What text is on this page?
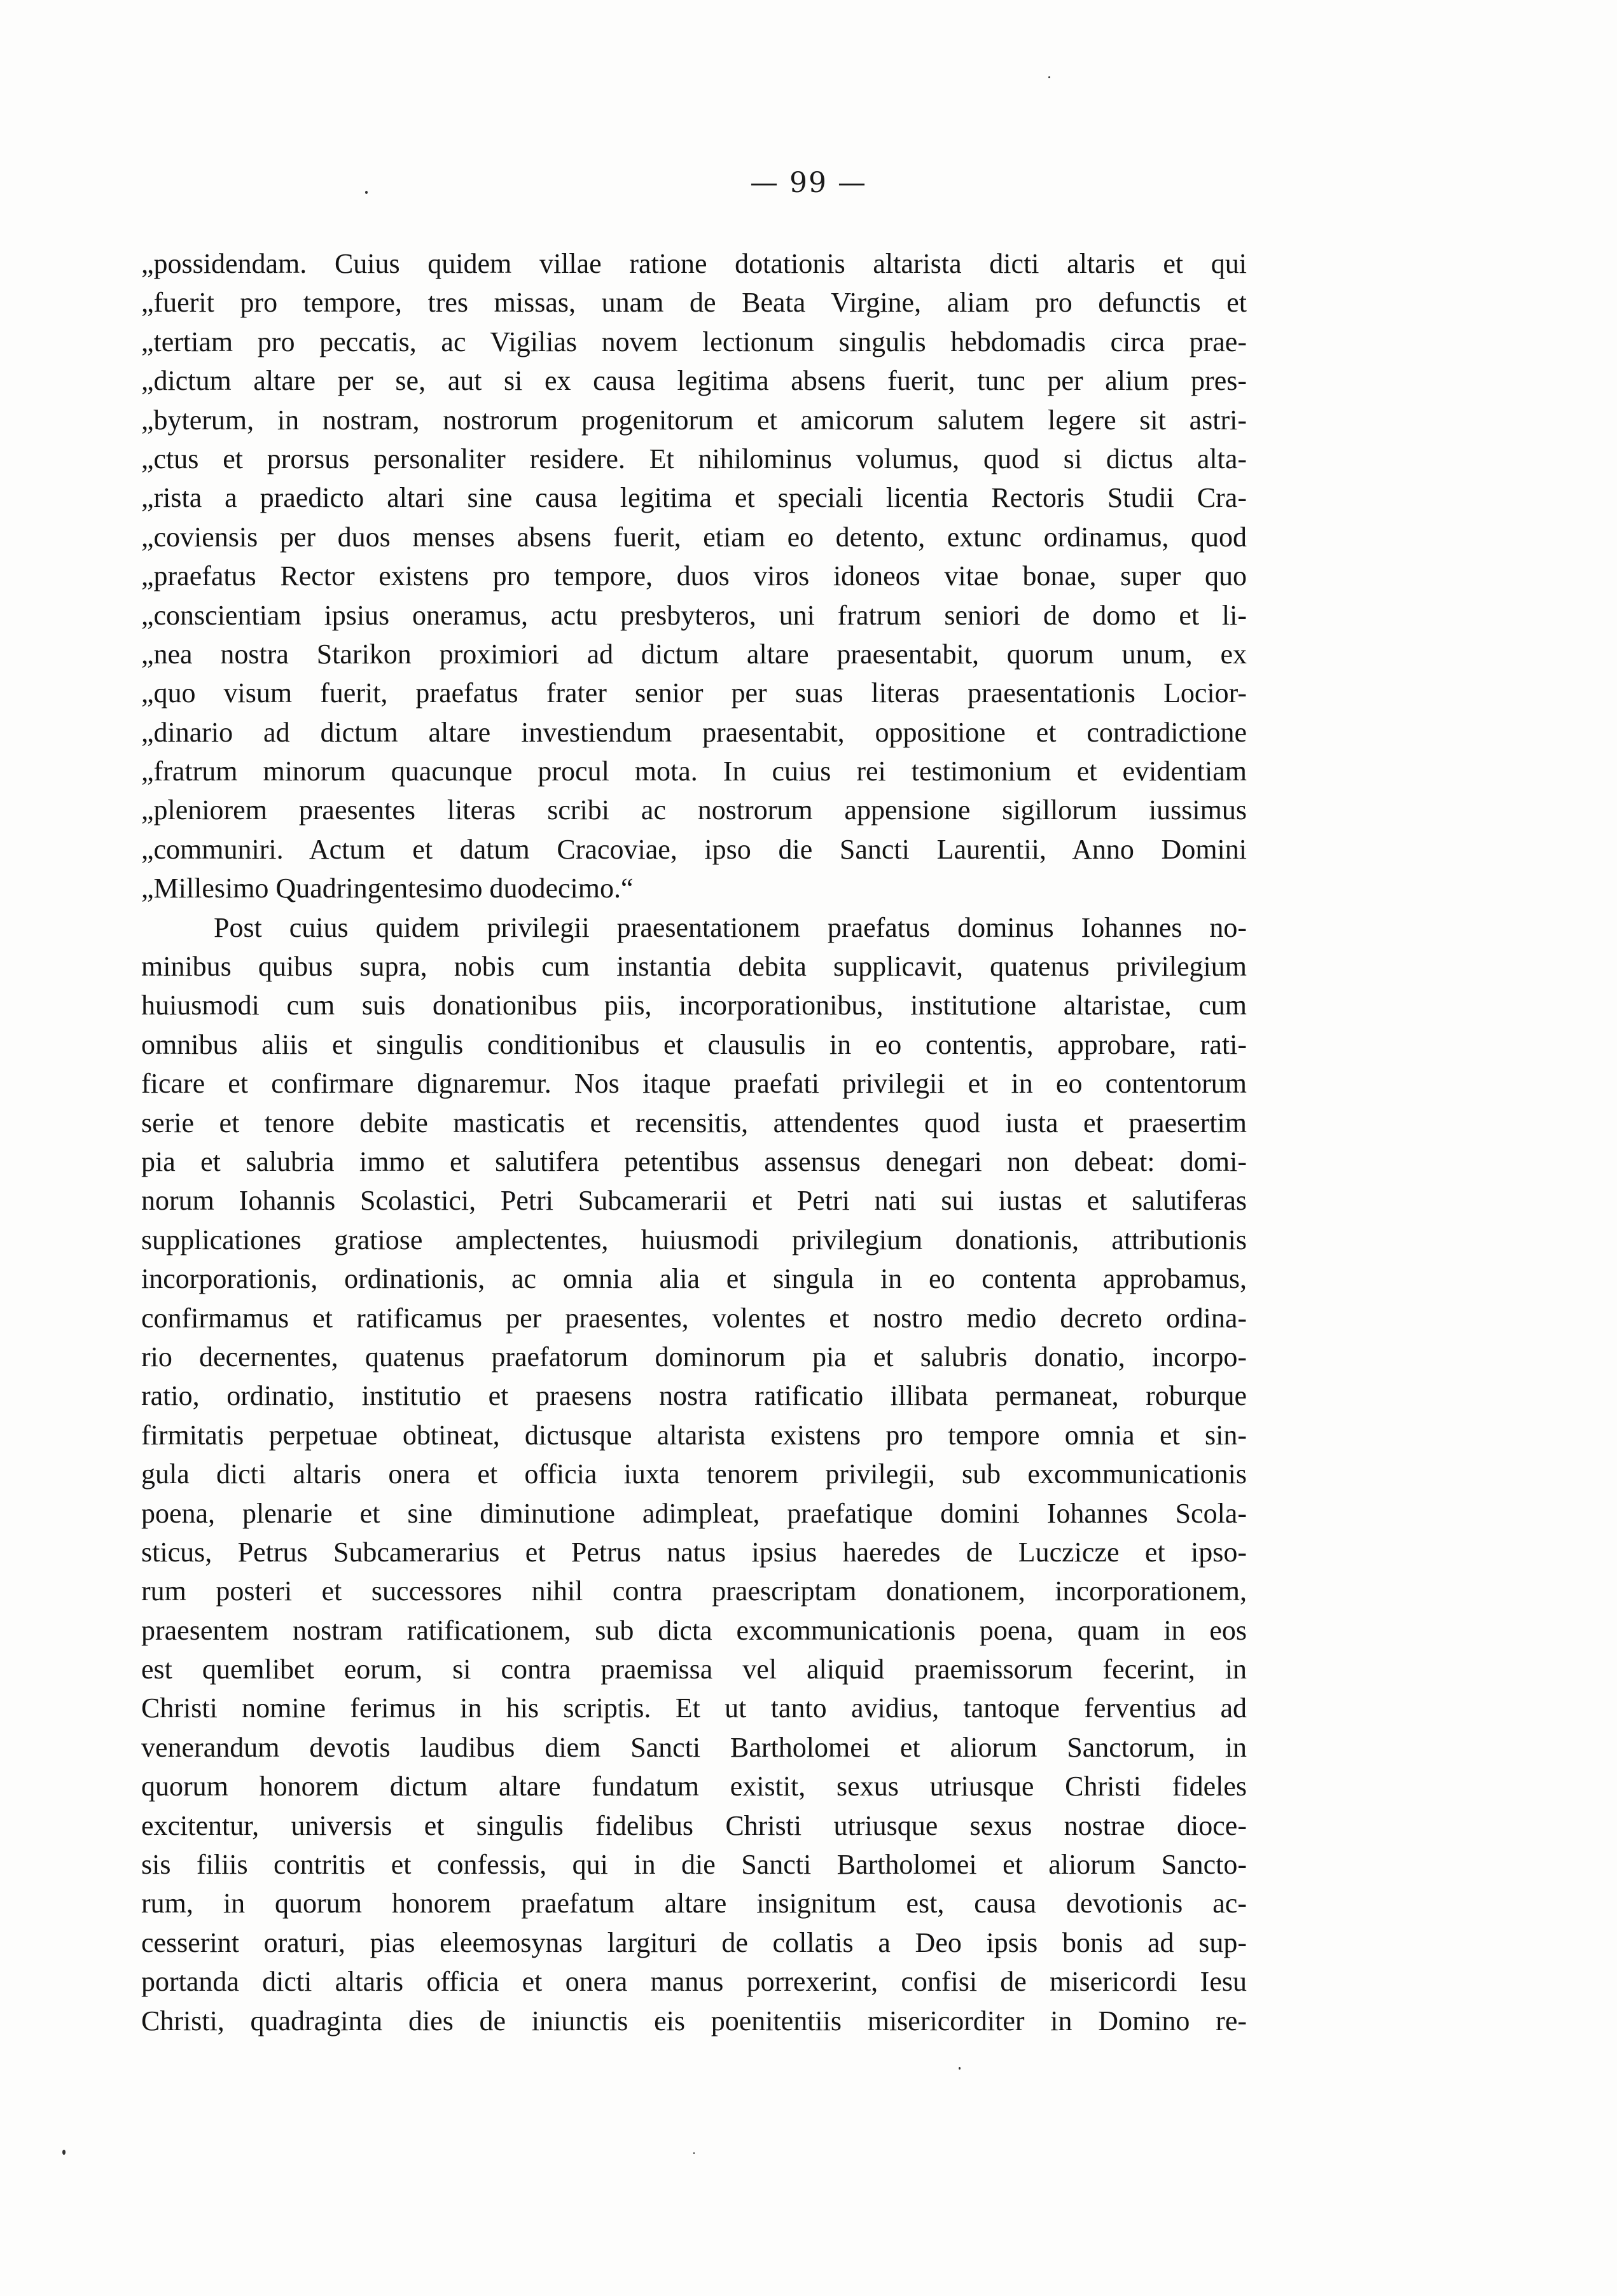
— 99 —
„possidendam. Cuius quidem villae ratione dotationis altarista dicti altaris et qui
„fuerit pro tempore, tres missas, unam de Beata Virgine, aliam pro defunctis et
„tertiam pro peccatis, ac Vigilias novem lectionum singulis hebdomadis circa prae-
„dictum altare per se, aut si ex causa legitima absens fuerit, tunc per alium pres-
„byterum, in nostram, nostrorum progenitorum et amicorum salutem legere sit astri-
„ctus et prorsus personaliter residere. Et nihilominus volumus, quod si dictus alta-
„rista a praedicto altari sine causa legitima et speciali licentia Rectoris Studii Cra-
„coviensis per duos menses absens fuerit, etiam eo detento, extunc ordinamus, quod
„praefatus Rector existens pro tempore, duos viros idoneos vitae bonae, super quo
„conscientiam ipsius oneramus, actu presbyteros, uni fratrum seniori de domo et li-
„nea nostra Starikon proximiori ad dictum altare praesentabit, quorum unum, ex
„quo visum fuerit, praefatus frater senior per suas literas praesentationis Locior-
„dinario ad dictum altare investiendum praesentabit, oppositione et contradictione
„fratrum minorum quacunque procul mota. In cuius rei testimonium et evidentiam
„pleniorem praesentes literas scribi ac nostrorum appensione sigillorum iussimus
„communiri. Actum et datum Cracoviae, ipso die Sancti Laurentii, Anno Domini
„Millesimo Quadringentesimo duodecimo.“
Post cuius quidem privilegii praesentationem praefatus dominus Iohannes no-
minibus quibus supra, nobis cum instantia debita supplicavit, quatenus privilegium
huiusmodi cum suis donationibus piis, incorporationibus, institutione altaristae, cum
omnibus aliis et singulis conditionibus et clausulis in eo contentis, approbare, rati-
ficare et confirmare dignaremur. Nos itaque praefati privilegii et in eo contentorum
serie et tenore debite masticatis et recensitis, attendentes quod iusta et praesertim
pia et salubria immo et salutifera petentibus assensus denegari non debeat: domi-
norum Iohannis Scolastici, Petri Subcamerarii et Petri nati sui iustas et salutiferas
supplicationes gratiose amplectentes, huiusmodi privilegium donationis, attributionis
incorporationis, ordinationis, ac omnia alia et singula in eo contenta approbamus,
confirmamus et ratificamus per praesentes, volentes et nostro medio decreto ordina-
rio decernentes, quatenus praefatorum dominorum pia et salubris donatio, incorpo-
ratio, ordinatio, institutio et praesens nostra ratificatio illibata permaneat, roburque
firmitatis perpetuae obtineat, dictusque altarista existens pro tempore omnia et sin-
gula dicti altaris onera et officia iuxta tenorem privilegii, sub excommunicationis
poena, plenarie et sine diminutione adimpleat, praefatique domini Iohannes Scola-
sticus, Petrus Subcamerarius et Petrus natus ipsius haeredes de Luczicze et ipso-
rum posteri et successores nihil contra praescriptam donationem, incorporationem,
praesentem nostram ratificationem, sub dicta excommunicationis poena, quam in eos
est quemlibet eorum, si contra praemissa vel aliquid praemissorum fecerint, in
Christi nomine ferimus in his scriptis. Et ut tanto avidius, tantoque ferventius ad
venerandum devotis laudibus diem Sancti Bartholomei et aliorum Sanctorum, in
quorum honorem dictum altare fundatum existit, sexus utriusque Christi fideles
excitentur, universis et singulis fidelibus Christi utriusque sexus nostrae dioce-
sis filiis contritis et confessis, qui in die Sancti Bartholomei et aliorum Sancto-
rum, in quorum honorem praefatum altare insignitum est, causa devotionis ac-
cesserint oraturi, pias eleemosynas largituri de collatis a Deo ipsis bonis ad sup-
portanda dicti altaris officia et onera manus porrexerint, confisi de misericordi Iesu
Christi, quadraginta dies de iniunctis eis poenitentiis misericorditer in Domino re-
